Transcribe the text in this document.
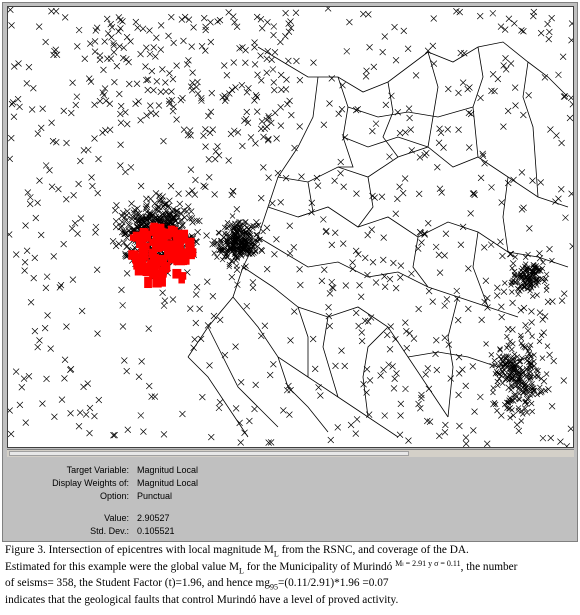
Target Variable: Magnitud Local
Display Weights of: Magnitud Local
Option: Punctual
Value: 2.90527
Std. Dev.: 0.105521
Figure 3. Intersection of epicentres with local magnitude $M_L$ from the RSNC, and coverage of the DA.
Estimated for this example were the global value $M_L$ for the Municipality of Murindó $^{M_l = 2.91 y \sigma = 0.11}$, the number
of seisms= 358, the Student Factor (t)=1.96, and hence $mg_{95}=(0.11/2.91)*1.96 =0.07$
indicates that the geological faults that control Murindó have a level of proved activity.
